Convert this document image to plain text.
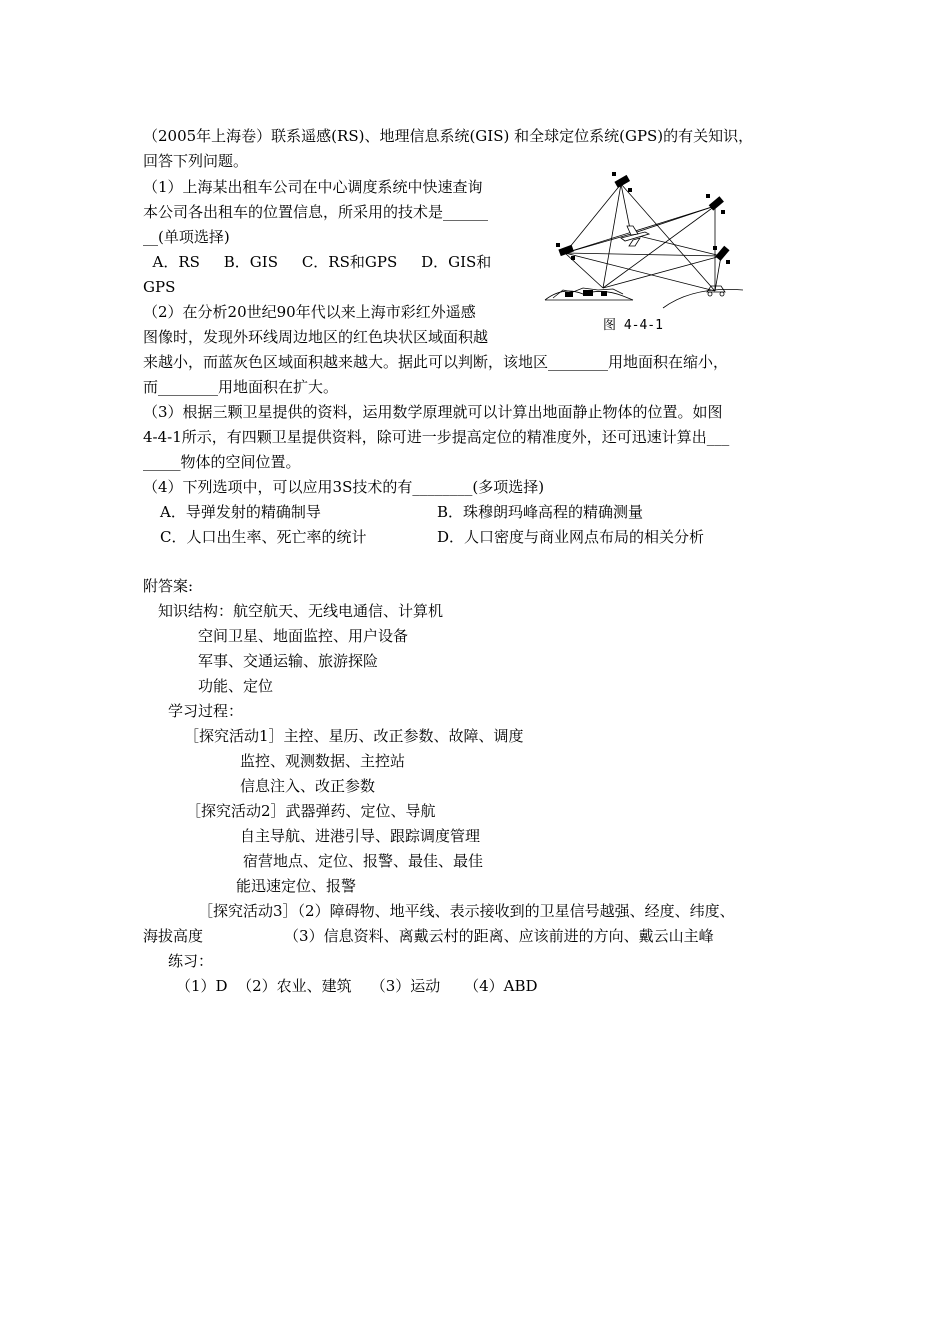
（2005年上海卷）联系遥感(RS)、地理信息系统(GIS) 和全球定位系统(GPS)的有关知识，
回答下列问题。
（1）上海某出租车公司在中心调度系统中快速查询
本公司各出租车的位置信息，所采用的技术是______
__(单项选择)
A．RS     B．GIS     C．RS和GPS     D．GIS和
GPS
（2）在分析20世纪90年代以来上海市彩红外遥感
图像时，发现外环线周边地区的红色块状区域面积越
来越小，而蓝灰色区域面积越来越大。据此可以判断，该地区________用地面积在缩小，
而________用地面积在扩大。
（3）根据三颗卫星提供的资料，运用数学原理就可以计算出地面静止物体的位置。如图
4-4-1所示，有四颗卫星提供资料，除可进一步提高定位的精准度外，还可迅速计算出___
_____物体的空间位置。
（4）下列选项中，可以应用3S技术的有________(多项选择)
A．导弹发射的精确制导	B．珠穆朗玛峰高程的精确测量
C．人口出生率、死亡率的统计	D．人口密度与商业网点布局的相关分析
图 4-4-1
附答案:
知识结构：航空航天、无线电通信、计算机
空间卫星、地面监控、用户设备
军事、交通运输、旅游探险
功能、定位
学习过程：
［探究活动1］主控、星历、改正参数、故障、调度
监控、观测数据、主控站
信息注入、改正参数
［探究活动2］武器弹药、定位、导航
自主导航、进港引导、跟踪调度管理
宿营地点、定位、报警、最佳、最佳
能迅速定位、报警
［探究活动3］（2）障碍物、地平线、表示接收到的卫星信号越强、经度、纬度、
海拔高度                 （3）信息资料、离戴云村的距离、应该前进的方向、戴云山主峰
练习：
（1）D  （2）农业、建筑    （3）运动     （4）ABD
